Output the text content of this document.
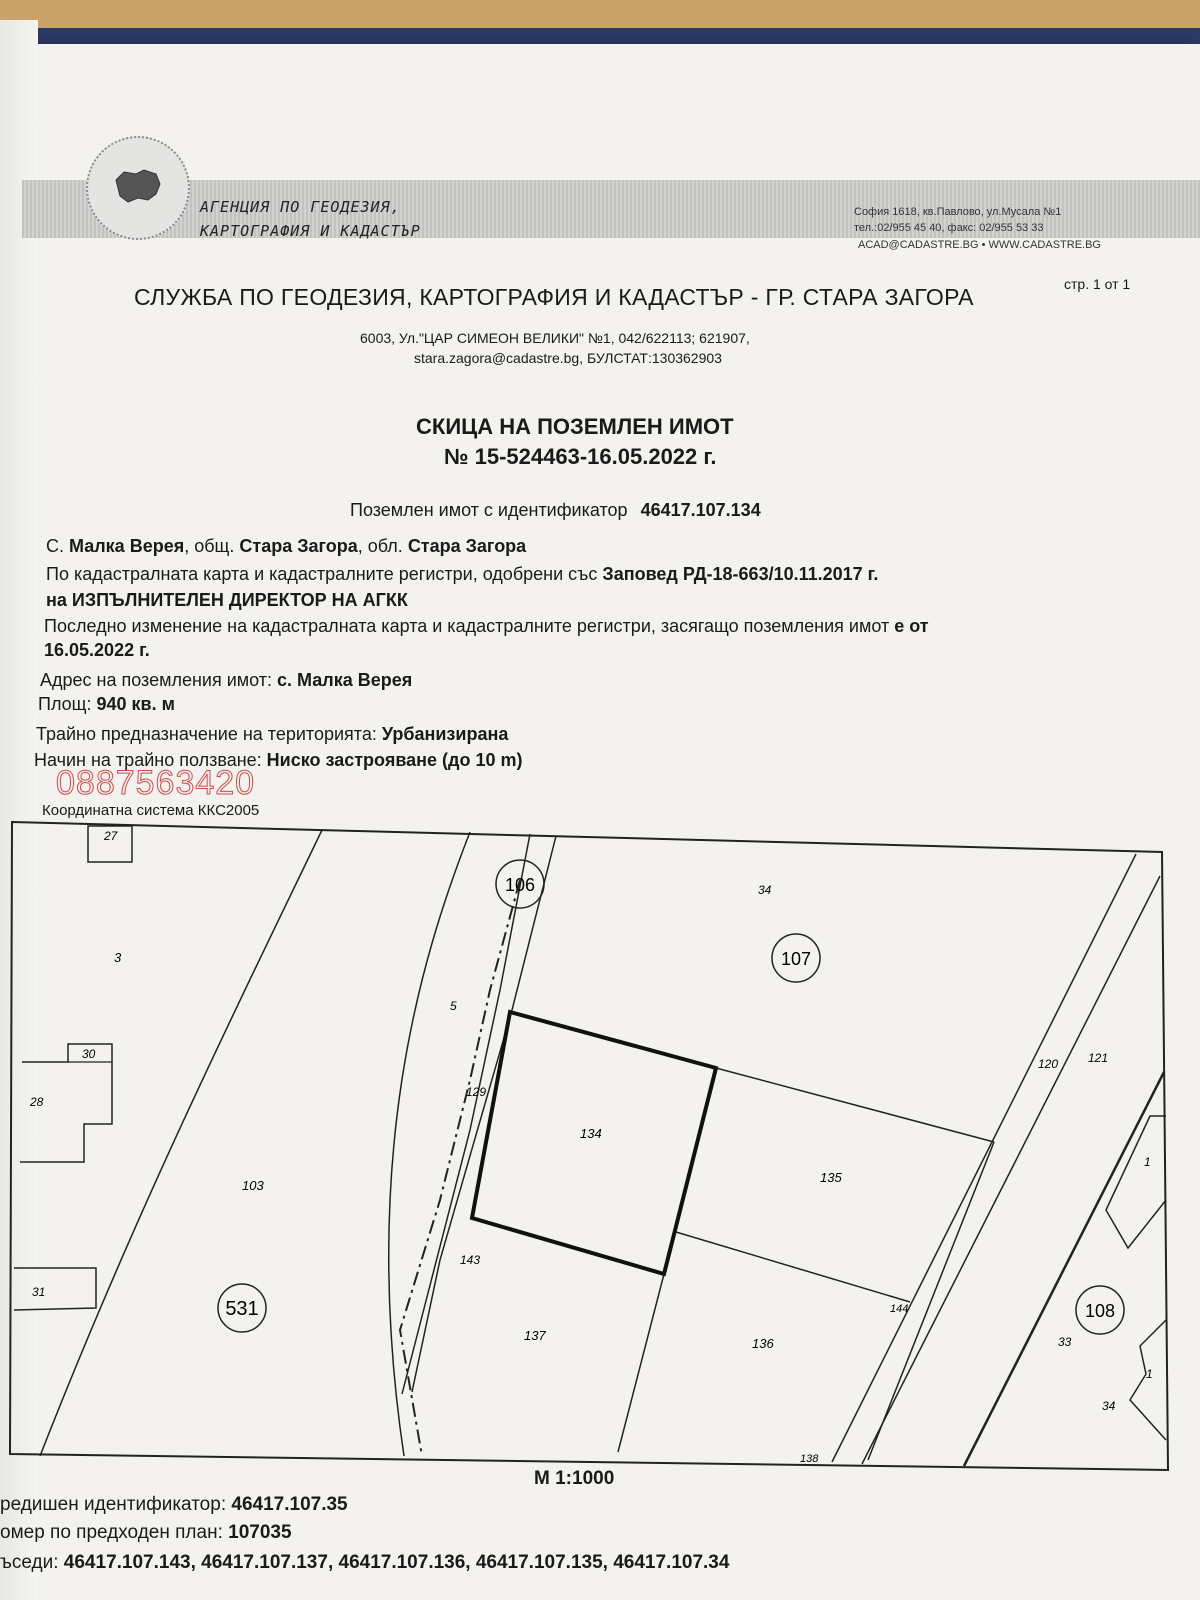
АГЕНЦИЯ ПО ГЕОДЕЗИЯ,
КАРТОГРАФИЯ И КАДАСТЪР
София 1618, кв.Павлово, ул.Мусала №1
тел.:02/955 45 40, факс: 02/955 53 33
ACAD@CADASTRE.BG • WWW.CADASTRE.BG
стр. 1 от 1
СЛУЖБА ПО ГЕОДЕЗИЯ, КАРТОГРАФИЯ И КАДАСТЪР - ГР. СТАРА ЗАГОРА
6003, Ул."ЦАР СИМЕОН ВЕЛИКИ" №1, 042/622113; 621907,
stara.zagora@cadastre.bg, БУЛСТАТ:130362903
СКИЦА НА ПОЗЕМЛЕН ИМОТ
№ 15-524463-16.05.2022 г.
Поземлен имот с идентификатор 46417.107.134
С. Малка Верея, общ. Стара Загора, обл. Стара Загора
По кадастралната карта и кадастралните регистри, одобрени със Заповед РД-18-663/10.11.2017 г.
на ИЗПЪЛНИТЕЛЕН ДИРЕКТОР НА АГКК
Последно изменение на кадастралната карта и кадастралните регистри, засягащо поземления имот е от
16.05.2022 г.
Адрес на поземления имот: с. Малка Верея
Площ: 940 кв. м
Трайно предназначение на територията: Урбанизирана
Начин на трайно ползване: Ниско застрояване (до 10 m)
0887563420
Координатна система ККС2005
27
3
30
28
103
31
531
106
107
108
5
129
134
135
143
137
136
138
144
34
120 121
1
33
1
34
М 1:1000
редишен идентификатор: 46417.107.35
омер по предходен план: 107035
ъседи: 46417.107.143, 46417.107.137, 46417.107.136, 46417.107.135, 46417.107.34
